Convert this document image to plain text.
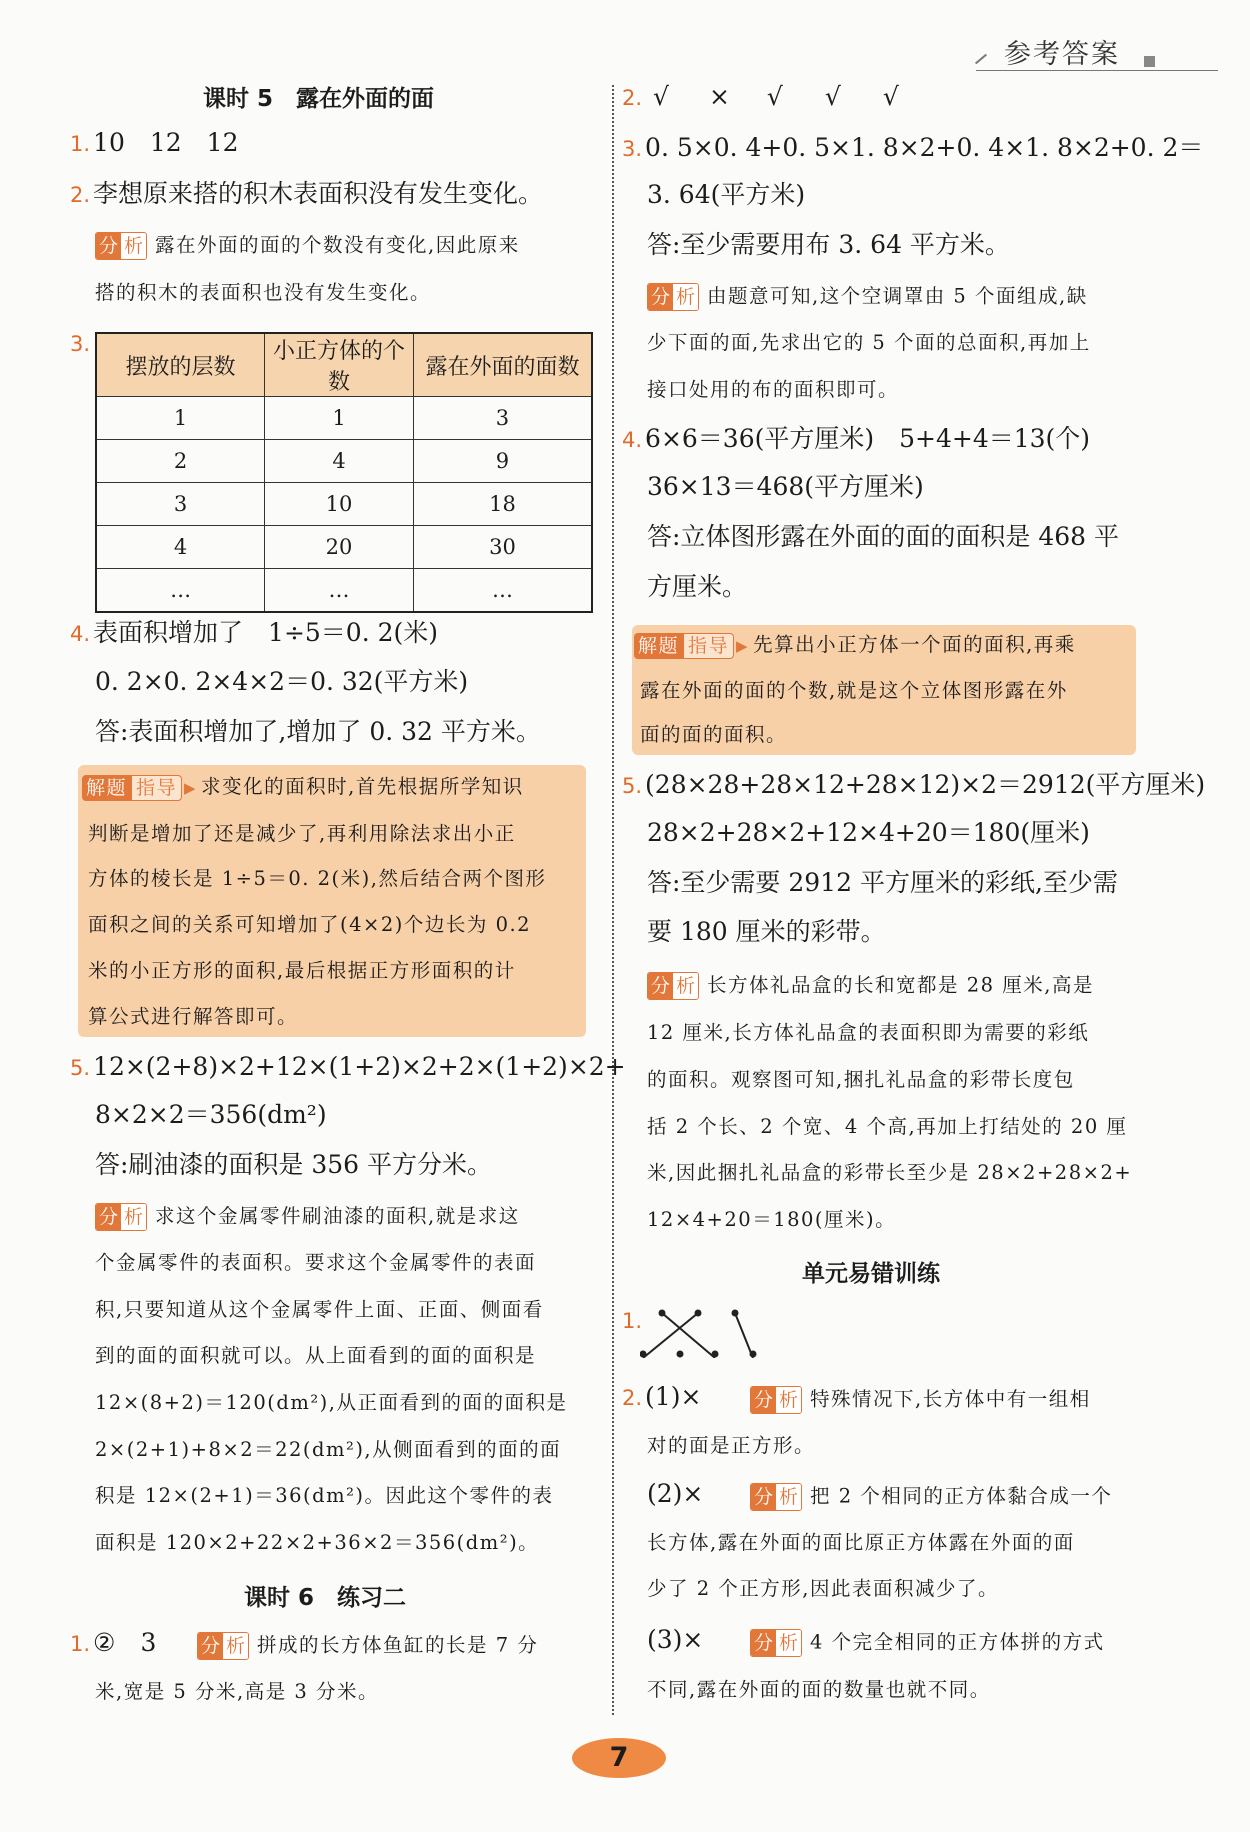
参考答案
课时 5　露在外面的面
1. 10　12　12
2. 李想原来搭的积木表面积没有发生变化。
分 析 露在外面的面的个数没有变化,因此原来
搭的积木的表面积也没有发生变化。
3.
摆放的层数	小正方体的个数	露在外面的面数
1	1	3
2	4	9
3	10	18
4	20	30
…	…	…
4. 表面积增加了　1÷5＝0. 2(米)
0. 2×0. 2×4×2＝0. 32(平方米)
答:表面积增加了,增加了 0. 32 平方米。
解题 指导 ▶ 求变化的面积时,首先根据所学知识
判断是增加了还是减少了,再利用除法求出小正
方体的棱长是 1÷5＝0. 2(米),然后结合两个图形
面积之间的关系可知增加了(4×2)个边长为 0.2
米的小正方形的面积,最后根据正方形面积的计
算公式进行解答即可。
5. 12×(2+8)×2+12×(1+2)×2+2×(1+2)×2+
8×2×2＝356(dm²)
答:刷油漆的面积是 356 平方分米。
分 析 求这个金属零件刷油漆的面积,就是求这
个金属零件的表面积。要求这个金属零件的表面
积,只要知道从这个金属零件上面、正面、侧面看
到的面的面积就可以。从上面看到的面的面积是
12×(8+2)＝120(dm²),从正面看到的面的面积是
2×(2+1)+8×2＝22(dm²),从侧面看到的面的面
积是 12×(2+1)＝36(dm²)。因此这个零件的表
面积是 120×2+22×2+36×2＝356(dm²)。
课时 6　练习二
1. ②　3 分 析 拼成的长方体鱼缸的长是 7 分
米,宽是 5 分米,高是 3 分米。
2. √ × √ √ √
3. 0. 5×0. 4+0. 5×1. 8×2+0. 4×1. 8×2+0. 2＝
3. 64(平方米)
答:至少需要用布 3. 64 平方米。
分 析 由题意可知,这个空调罩由 5 个面组成,缺
少下面的面,先求出它的 5 个面的总面积,再加上
接口处用的布的面积即可。
4. 6×6＝36(平方厘米)　5+4+4＝13(个)
36×13＝468(平方厘米)
答:立体图形露在外面的面的面积是 468 平
方厘米。
解题 指导 ▶ 先算出小正方体一个面的面积,再乘
露在外面的面的个数,就是这个立体图形露在外
面的面的面积。
5. (28×28+28×12+28×12)×2＝2912(平方厘米)
28×2+28×2+12×4+20＝180(厘米)
答:至少需要 2912 平方厘米的彩纸,至少需
要 180 厘米的彩带。
分 析 长方体礼品盒的长和宽都是 28 厘米,高是
12 厘米,长方体礼品盒的表面积即为需要的彩纸
的面积。观察图可知,捆扎礼品盒的彩带长度包
括 2 个长、2 个宽、4 个高,再加上打结处的 20 厘
米,因此捆扎礼品盒的彩带长至少是 28×2+28×2+
12×4+20＝180(厘米)。
单元易错训练
1.
2. (1)×	分 析 特殊情况下,长方体中有一组相
对的面是正方形。
(2)×	分 析 把 2 个相同的正方体黏合成一个
长方体,露在外面的面比原正方体露在外面的面
少了 2 个正方形,因此表面积减少了。
(3)×	分 析 4 个完全相同的正方体拼的方式
不同,露在外面的面的数量也就不同。
7
